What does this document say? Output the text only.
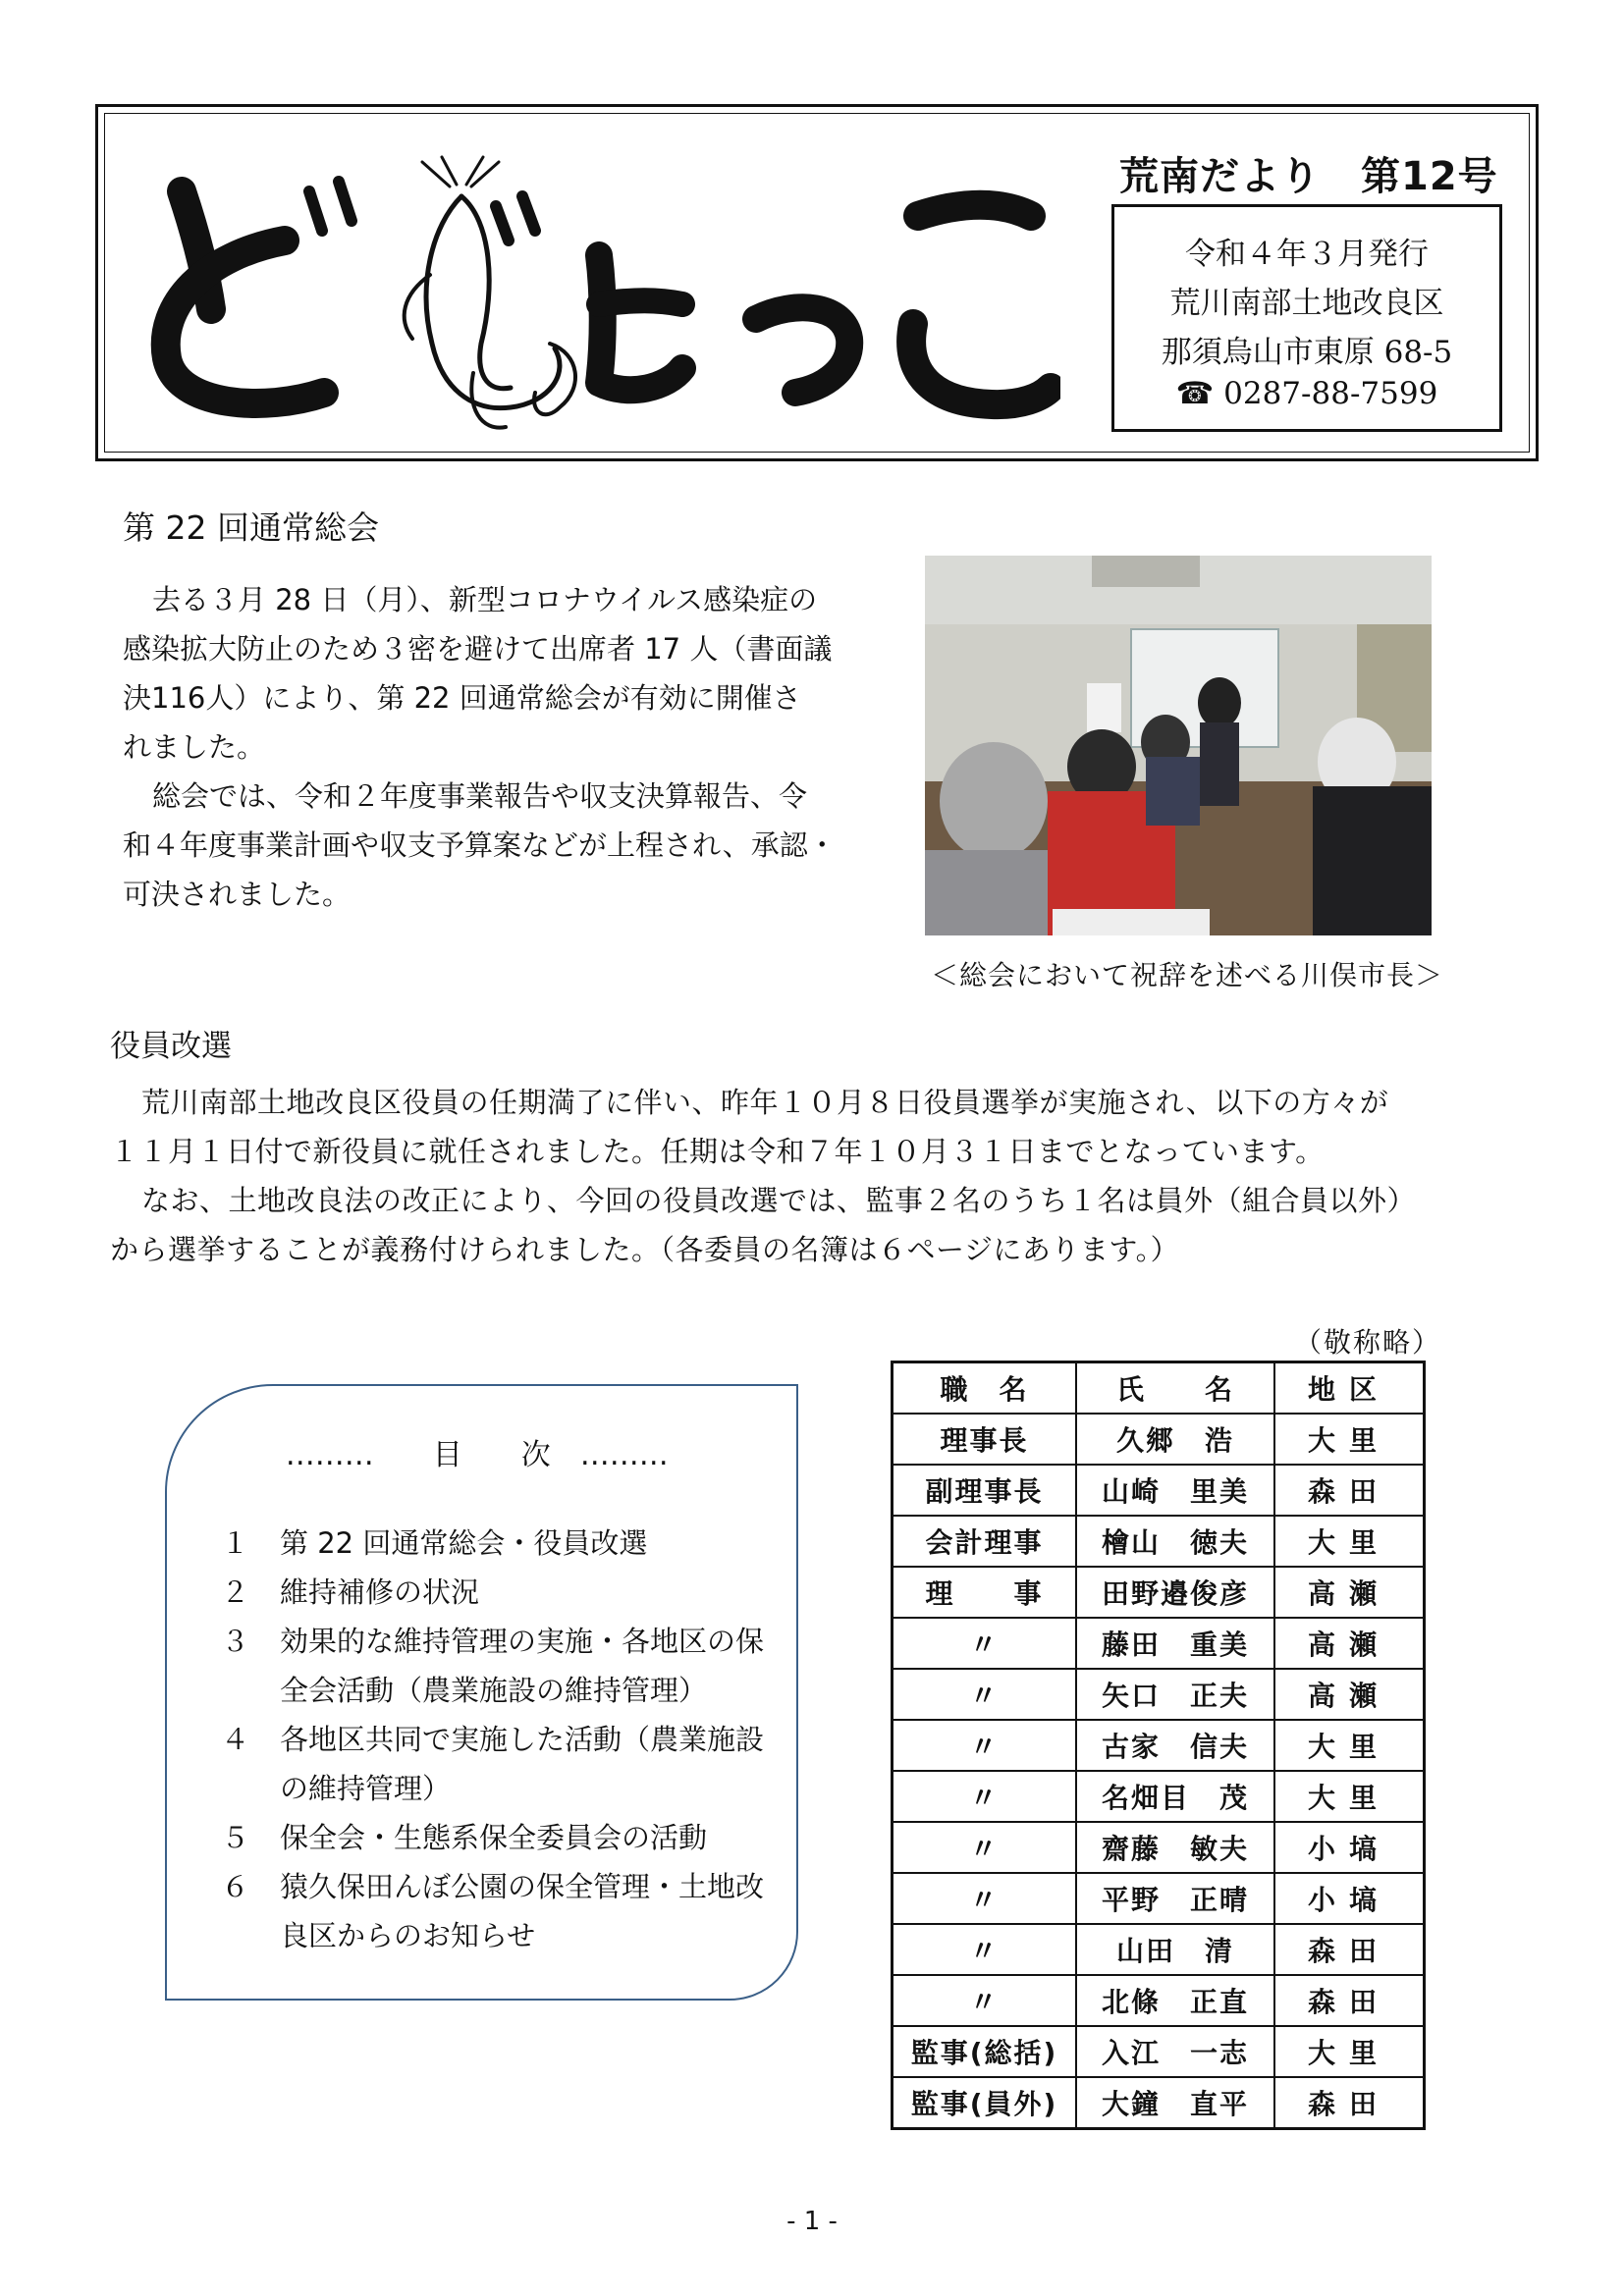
荒南だより　第12号
令和４年３月発行
荒川南部土地改良区
那須烏山市東原 68-5
☎ 0287-88-7599
第 22 回通常総会
去る３月 28 日（月）、新型コロナウイルス感染症の
感染拡大防止のため３密を避けて出席者 17 人（書面議
決116人）により、第 22 回通常総会が有効に開催さ
れました。
総会では、令和２年度事業報告や収支決算報告、令
和４年度事業計画や収支予算案などが上程され、承認・
可決されました。
＜総会において祝辞を述べる川俣市長＞
役員改選
荒川南部土地改良区役員の任期満了に伴い、昨年１０月８日役員選挙が実施され、以下の方々が
１１月１日付で新役員に就任されました。任期は令和７年１０月３１日までとなっています。
なお、土地改良法の改正により、今回の役員改選では、監事２名のうち１名は員外（組合員以外）
から選挙することが義務付けられました。（各委員の名簿は６ページにあります。）
………　　目　　次　………
１	第 22 回通常総会・役員改選
２	維持補修の状況
３	効果的な維持管理の実施・各地区の保全会活動（農業施設の維持管理）
４	各地区共同で実施した活動（農業施設の維持管理）
５	保全会・生態系保全委員会の活動
６	猿久保田んぼ公園の保全管理・土地改良区からのお知らせ
（敬称略）
職　名	氏　　名	地区
理事長	久郷　浩	大里
副理事長	山崎　里美	森田
会計理事	檜山　徳夫	大里
理　　事	田野邉俊彦	高瀬
〃	藤田　重美	高瀬
〃	矢口　正夫	高瀬
〃	古家　信夫	大里
〃	名畑目　茂	大里
〃	齋藤　敏夫	小塙
〃	平野　正晴	小塙
〃	山田　清	森田
〃	北條　正直	森田
監事(総括)	入江　一志	大里
監事(員外)	大鐘　直平	森田
- 1 -
